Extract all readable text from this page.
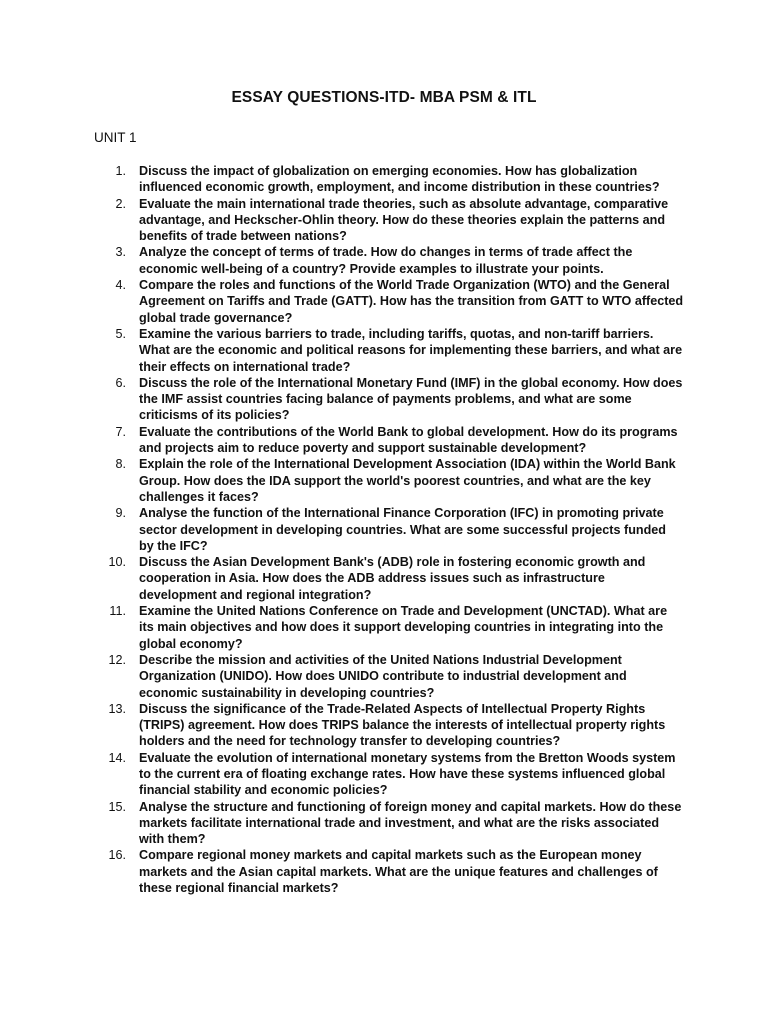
ESSAY QUESTIONS-ITD- MBA PSM & ITL
UNIT 1
1. Discuss the impact of globalization on emerging economies. How has globalization influenced economic growth, employment, and income distribution in these countries?
2. Evaluate the main international trade theories, such as absolute advantage, comparative advantage, and Heckscher-Ohlin theory. How do these theories explain the patterns and benefits of trade between nations?
3. Analyze the concept of terms of trade. How do changes in terms of trade affect the economic well-being of a country? Provide examples to illustrate your points.
4. Compare the roles and functions of the World Trade Organization (WTO) and the General Agreement on Tariffs and Trade (GATT). How has the transition from GATT to WTO affected global trade governance?
5. Examine the various barriers to trade, including tariffs, quotas, and non-tariff barriers. What are the economic and political reasons for implementing these barriers, and what are their effects on international trade?
6. Discuss the role of the International Monetary Fund (IMF) in the global economy. How does the IMF assist countries facing balance of payments problems, and what are some criticisms of its policies?
7. Evaluate the contributions of the World Bank to global development. How do its programs and projects aim to reduce poverty and support sustainable development?
8. Explain the role of the International Development Association (IDA) within the World Bank Group. How does the IDA support the world's poorest countries, and what are the key challenges it faces?
9. Analyse the function of the International Finance Corporation (IFC) in promoting private sector development in developing countries. What are some successful projects funded by the IFC?
10. Discuss the Asian Development Bank's (ADB) role in fostering economic growth and cooperation in Asia. How does the ADB address issues such as infrastructure development and regional integration?
11. Examine the United Nations Conference on Trade and Development (UNCTAD). What are its main objectives and how does it support developing countries in integrating into the global economy?
12. Describe the mission and activities of the United Nations Industrial Development Organization (UNIDO). How does UNIDO contribute to industrial development and economic sustainability in developing countries?
13. Discuss the significance of the Trade-Related Aspects of Intellectual Property Rights (TRIPS) agreement. How does TRIPS balance the interests of intellectual property rights holders and the need for technology transfer to developing countries?
14. Evaluate the evolution of international monetary systems from the Bretton Woods system to the current era of floating exchange rates. How have these systems influenced global financial stability and economic policies?
15. Analyse the structure and functioning of foreign money and capital markets. How do these markets facilitate international trade and investment, and what are the risks associated with them?
16. Compare regional money markets and capital markets such as the European money markets and the Asian capital markets. What are the unique features and challenges of these regional financial markets?
